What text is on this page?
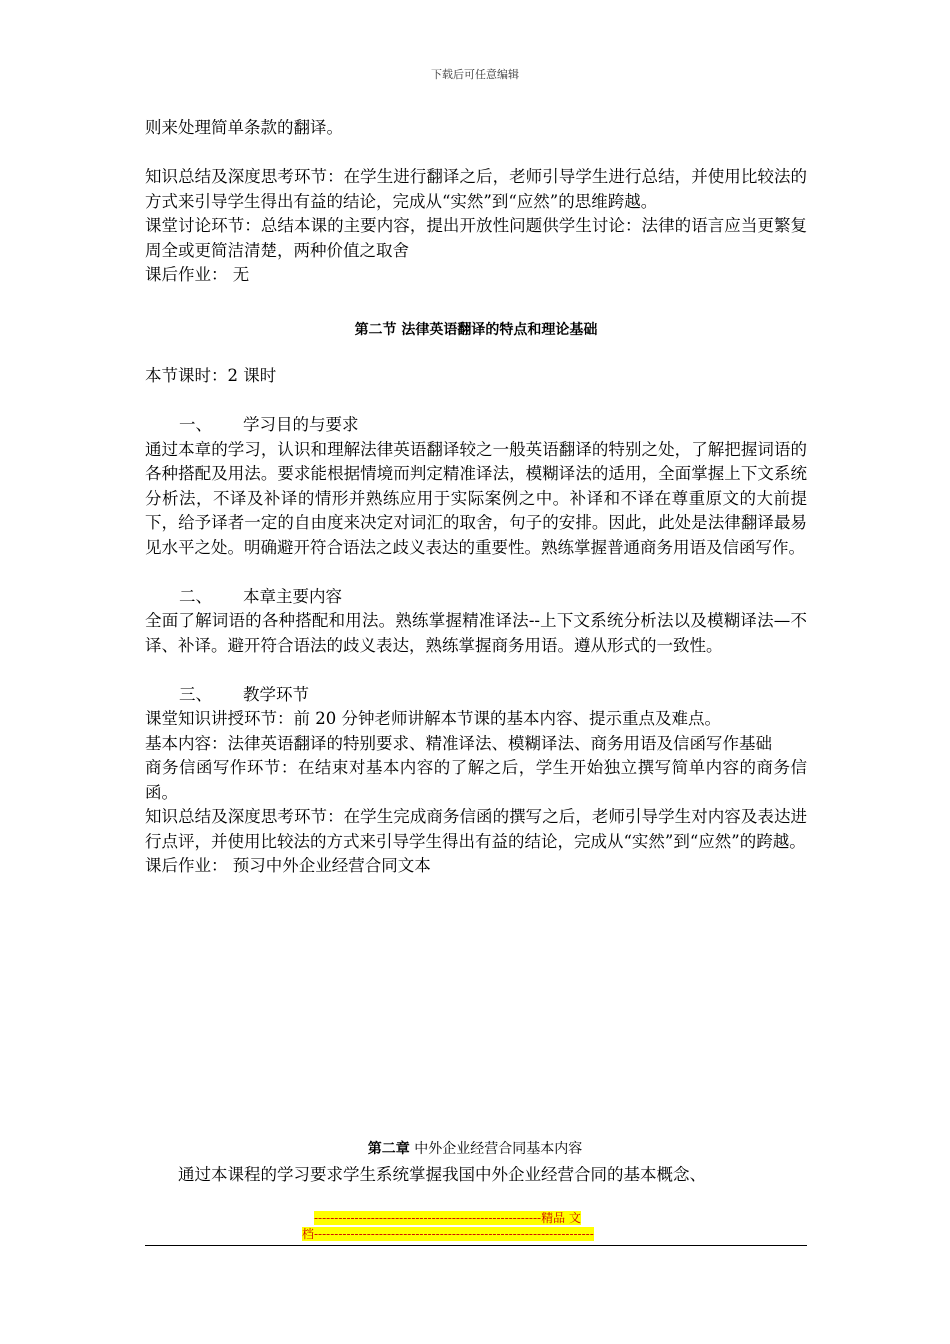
下载后可任意编辑

则来处理简单条款的翻译。

知识总结及深度思考环节：在学生进行翻译之后，老师引导学生进行总结，并使用比较法的方式来引导学生得出有益的结论，完成从“实然”到“应然”的思维跨越。

课堂讨论环节：总结本课的主要内容，提出开放性问题供学生讨论：法律的语言应当更繁复周全或更简洁清楚，两种价值之取舍

课后作业： 无

第二节 法律英语翻译的特点和理论基础

本节课时：2 课时

一、 学习目的与要求

通过本章的学习，认识和理解法律英语翻译较之一般英语翻译的特别之处，了解把握词语的各种搭配及用法。要求能根据情境而判定精准译法，模糊译法的适用，全面掌握上下文系统分析法，不译及补译的情形并熟练应用于实际案例之中。补译和不译在尊重原文的大前提下，给予译者一定的自由度来决定对词汇的取舍，句子的安排。因此，此处是法律翻译最易见水平之处。明确避开符合语法之歧义表达的重要性。熟练掌握普通商务用语及信函写作。

二、 本章主要内容

全面了解词语的各种搭配和用法。熟练掌握精准译法--上下文系统分析法以及模糊译法—不译、补译。避开符合语法的歧义表达，熟练掌握商务用语。遵从形式的一致性。

三、 教学环节

课堂知识讲授环节：前 20 分钟老师讲解本节课的基本内容、提示重点及难点。

基本内容：法律英语翻译的特别要求、精准译法、模糊译法、商务用语及信函写作基础

商务信函写作环节：在结束对基本内容的了解之后，学生开始独立撰写简单内容的商务信函。

知识总结及深度思考环节：在学生完成商务信函的撰写之后，老师引导学生对内容及表达进行点评，并使用比较法的方式来引导学生得出有益的结论，完成从“实然”到“应然”的跨越。

课后作业： 预习中外企业经营合同文本

第二章 中外企业经营合同基本内容
通过本课程的学习要求学生系统掌握我国中外企业经营合同的基本概念、
--------------------------------------------------------精品 文
档---------------------------------------------------------------------
